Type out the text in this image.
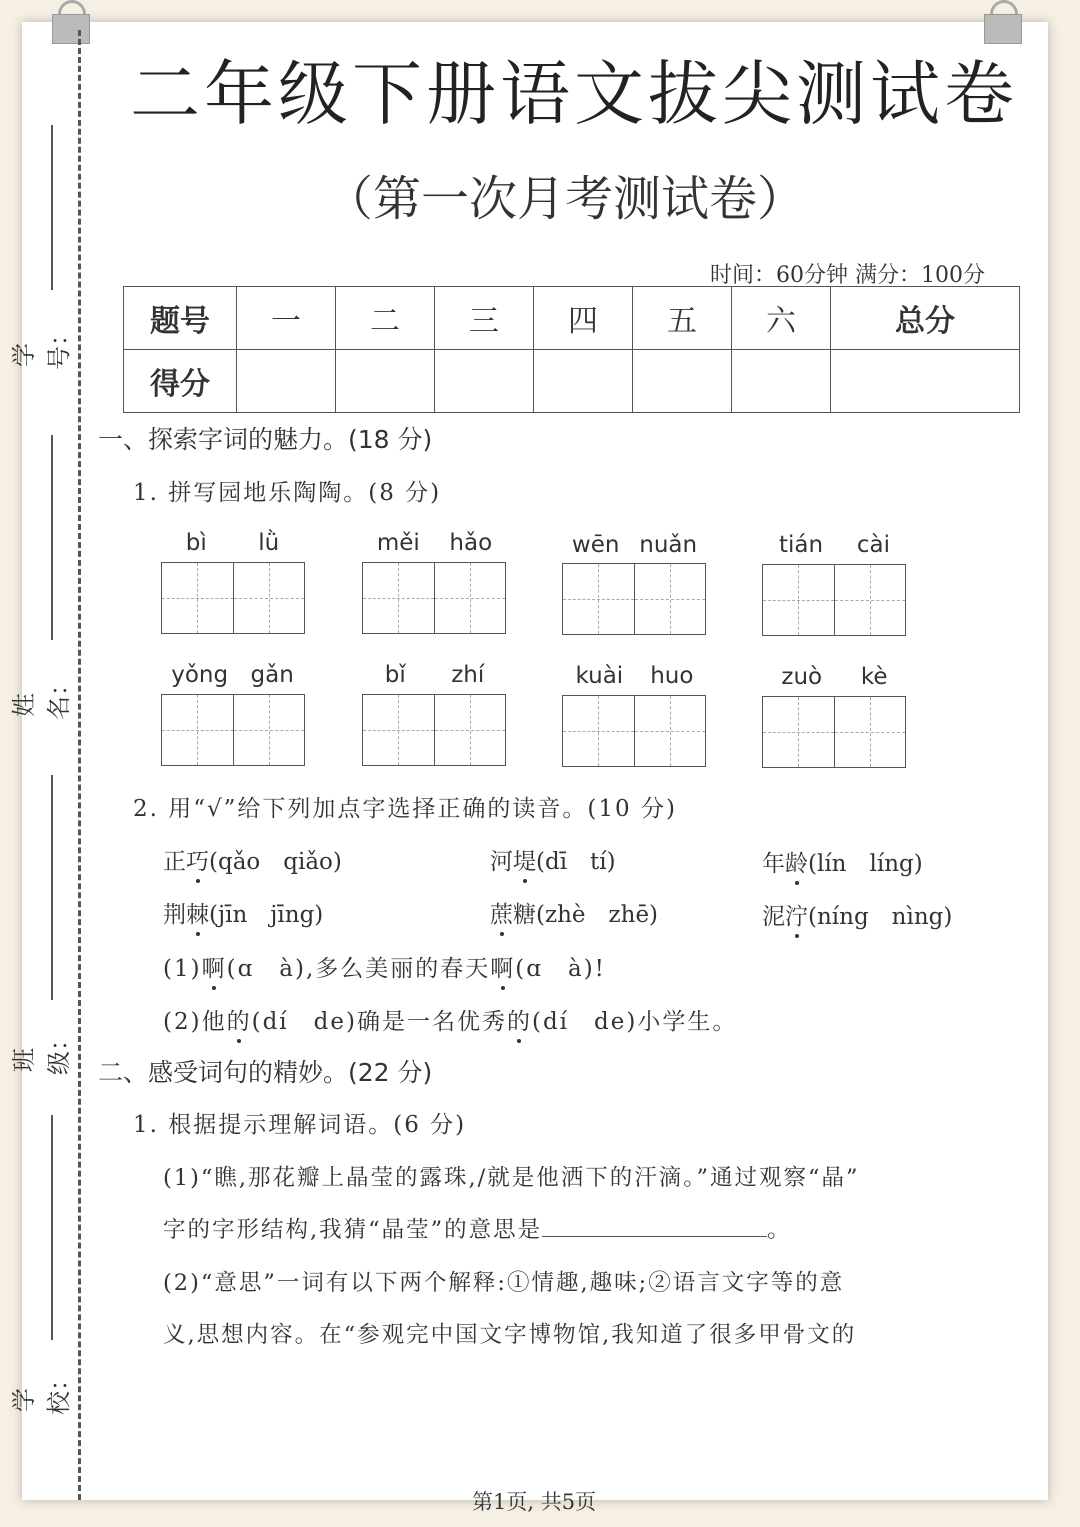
学号：
姓名：
班级：
学校：
二年级下册语文拔尖测试卷
（第一次月考测试卷）
时间：60分钟 满分：100分
题号	一	二	三	四	五	六	总分
得分							
一、探索字词的魅力。(18 分)
1. 拼写园地乐陶陶。(8 分)
bì lǜ	měi hǎo	wēn nuǎn	tián cài
yǒng gǎn	bǐ zhí	kuài huo	zuò kè
2. 用“√”给下列加点字选择正确的读音。(10 分)
正巧(qǎo　qiǎo)	河堤(dī　tí)	年龄(lín　líng)
荆棘(jīn　jīng)	蔗糖(zhè　zhē)	泥泞(níng　nìng)
(1)啊(ɑ　à),多么美丽的春天啊(ɑ　à)!
(2)他的(dí　de)确是一名优秀的(dí　de)小学生。
二、感受词句的精妙。(22 分)
1. 根据提示理解词语。(6 分)
(1)“瞧,那花瓣上晶莹的露珠,/就是他洒下的汗滴。”通过观察“晶”
字的字形结构,我猜“晶莹”的意思是	。
(2)“意思”一词有以下两个解释:①情趣,趣味;②语言文字等的意
义,思想内容。在“参观完中国文字博物馆,我知道了很多甲骨文的
第1页, 共5页
